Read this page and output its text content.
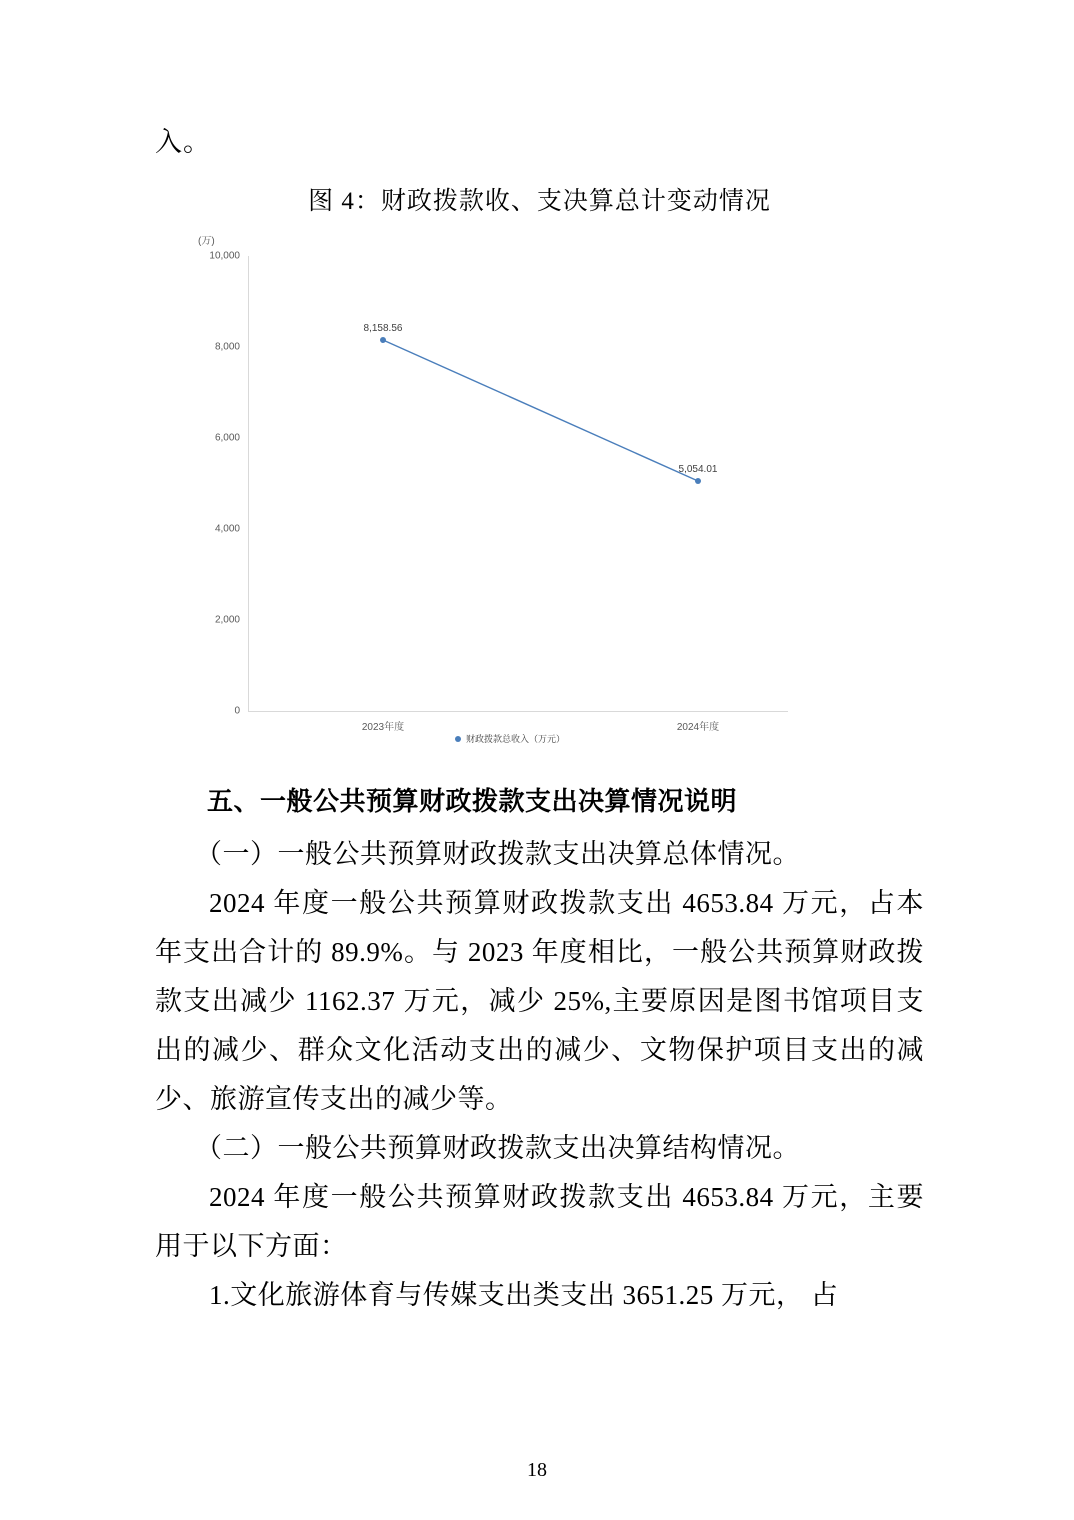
入。

图 4：财政拨款收、支决算总计变动情况
(万)
0
2,000
4,000
6,000
8,000
10,000
8,158.56
5,054.01
2023年度	2024年度
财政拨款总收入（万元）
五、一般公共预算财政拨款支出决算情况说明

（一）一般公共预算财政拨款支出决算总体情况。

2024 年度一般公共预算财政拨款支出 4653.84 万元，占本年支出合计的 89.9%。与 2023 年度相比，一般公共预算财政拨款支出减少 1162.37 万元，减少 25%,主要原因是图书馆项目支出的减少、群众文化活动支出的减少、文物保护项目支出的减少、旅游宣传支出的减少等。

（二）一般公共预算财政拨款支出决算结构情况。

2024 年度一般公共预算财政拨款支出 4653.84 万元，主要用于以下方面：

1.文化旅游体育与传媒支出类支出 3651.25 万元， 占

18
